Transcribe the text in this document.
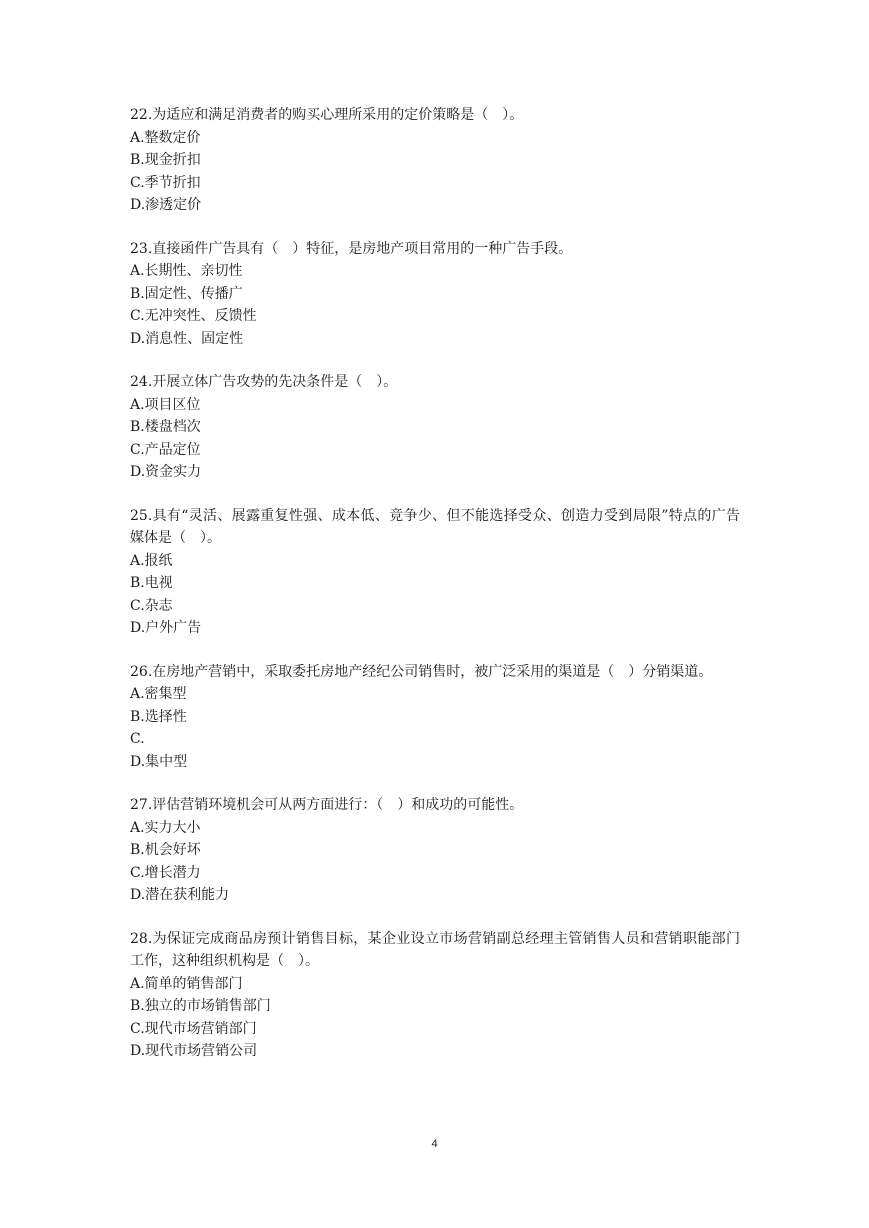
22.为适应和满足消费者的购买心理所采用的定价策略是（　）。

A.整数定价

B.现金折扣

C.季节折扣

D.渗透定价

23.直接函件广告具有（　）特征，是房地产项目常用的一种广告手段。

A.长期性、亲切性

B.固定性、传播广

C.无冲突性、反馈性

D.消息性、固定性

24.开展立体广告攻势的先决条件是（　）。

A.项目区位

B.楼盘档次

C.产品定位

D.资金实力

25.具有“灵活、展露重复性强、成本低、竞争少、但不能选择受众、创造力受到局限”特点的广告媒体是（　）。

A.报纸

B.电视

C.杂志

D.户外广告

26.在房地产营销中，采取委托房地产经纪公司销售时，被广泛采用的渠道是（　）分销渠道。

A.密集型

B.选择性

C.

D.集中型

27.评估营销环境机会可从两方面进行：（　）和成功的可能性。

A.实力大小

B.机会好坏

C.增长潜力

D.潜在获利能力

28.为保证完成商品房预计销售目标，某企业设立市场营销副总经理主管销售人员和营销职能部门工作，这种组织机构是（　）。

A.简单的销售部门

B.独立的市场销售部门

C.现代市场营销部门

D.现代市场营销公司

4
